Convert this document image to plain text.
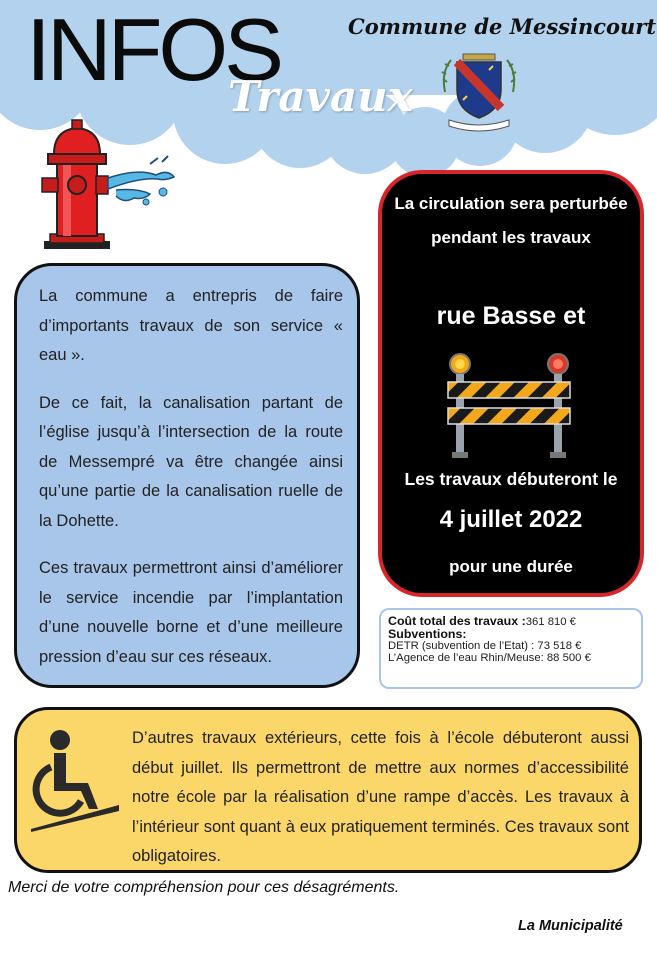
INFOS
Travaux
Commune de Messincourt

La commune a entrepris de faire d’importants travaux de son service « eau ».

De ce fait, la canalisation partant de l’église jusqu’à l’intersection de la route de Messempré va être changée ainsi qu’une partie de la canalisation ruelle de la Dohette.

Ces travaux permettront ainsi d’améliorer le service incendie par l’implantation d’une nouvelle borne et d’une meilleure pression d’eau sur ces réseaux.

La circulation sera perturbée pendant les travaux
rue Basse et
Les travaux débuteront le
4 juillet 2022
pour une durée
Coût total des travaux :361 810 €
Subventions:
DETR (subvention de l’Etat) : 73 518 €
L’Agence de l’eau Rhin/Meuse: 88 500 €
D’autres travaux extérieurs, cette fois à l’école débuteront aussi début juillet. Ils permettront de mettre aux normes d’accessibilité notre école par la réalisation d’une rampe d’accès. Les travaux à l’intérieur sont quant à eux pratiquement terminés. Ces travaux sont obligatoires.
Merci de votre compréhension pour ces désagréments.
La Municipalité
